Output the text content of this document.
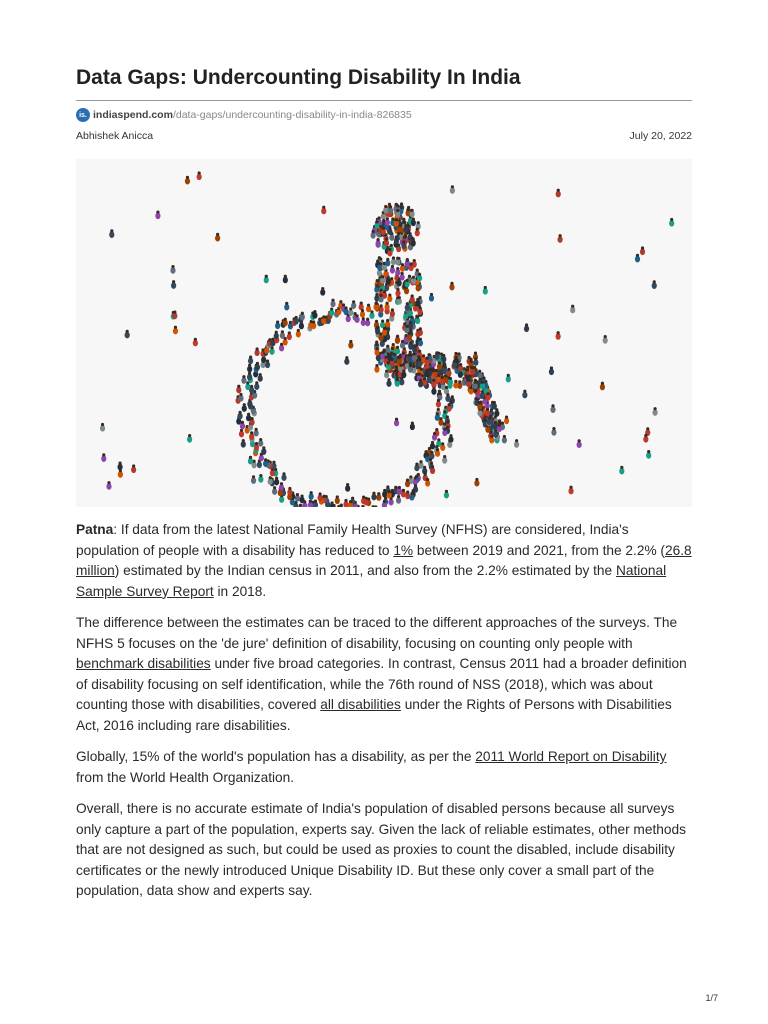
Data Gaps: Undercounting Disability In India
is. indiaspend.com/data-gaps/undercounting-disability-in-india-826835
Abhishek Anicca	July 20, 2022

Patna: If data from the latest National Family Health Survey (NFHS) are considered, India's population of people with a disability has reduced to 1% between 2019 and 2021, from the 2.2% (26.8 million) estimated by the Indian census in 2011, and also from the 2.2% estimated by the National Sample Survey Report in 2018.

The difference between the estimates can be traced to the different approaches of the surveys. The NFHS 5 focuses on the 'de jure' definition of disability, focusing on counting only people with benchmark disabilities under five broad categories. In contrast, Census 2011 had a broader definition of disability focusing on self identification, while the 76th round of NSS (2018), which was about counting those with disabilities, covered all disabilities under the Rights of Persons with Disabilities Act, 2016 including rare disabilities.

Globally, 15% of the world's population has a disability, as per the 2011 World Report on Disability from the World Health Organization.

Overall, there is no accurate estimate of India's population of disabled persons because all surveys only capture a part of the population, experts say. Given the lack of reliable estimates, other methods that are not designed as such, but could be used as proxies to count the disabled, include disability certificates or the newly introduced Unique Disability ID. But these only cover a small part of the population, data show and experts say.

1/7
